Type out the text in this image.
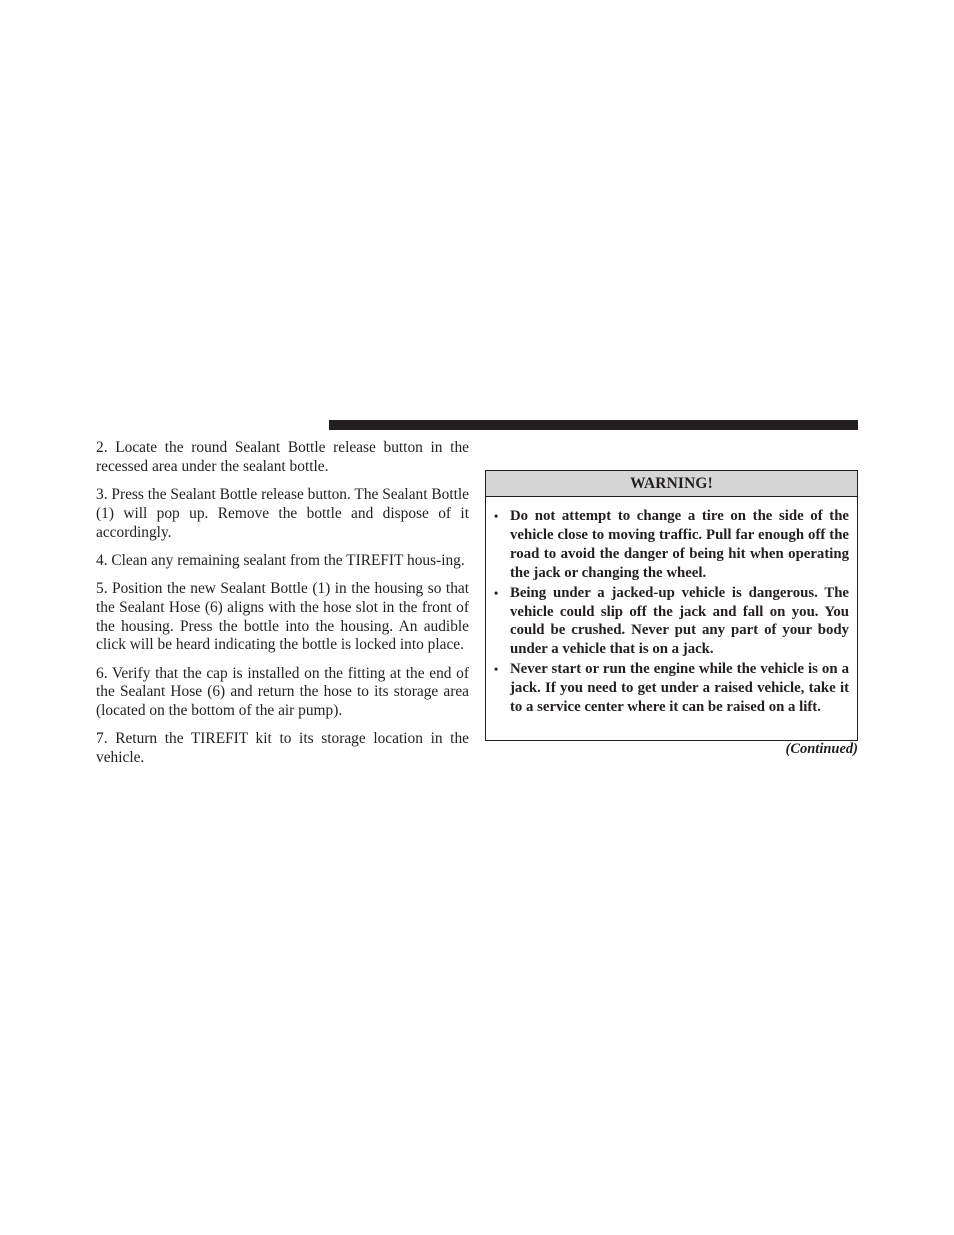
2. Locate the round Sealant Bottle release button in the recessed area under the sealant bottle.

3. Press the Sealant Bottle release button. The Sealant Bottle (1) will pop up. Remove the bottle and dispose of it accordingly.

4. Clean any remaining sealant from the TIREFIT hous-ing.

5. Position the new Sealant Bottle (1) in the housing so that the Sealant Hose (6) aligns with the hose slot in the front of the housing. Press the bottle into the housing. An audible click will be heard indicating the bottle is locked into place.

6. Verify that the cap is installed on the fitting at the end of the Sealant Hose (6) and return the hose to its storage area (located on the bottom of the air pump).

7. Return the TIREFIT kit to its storage location in the vehicle.

WARNING!
• Do not attempt to change a tire on the side of the vehicle close to moving traffic. Pull far enough off the road to avoid the danger of being hit when operating the jack or changing the wheel.
• Being under a jacked-up vehicle is dangerous. The vehicle could slip off the jack and fall on you. You could be crushed. Never put any part of your body under a vehicle that is on a jack.
• Never start or run the engine while the vehicle is on a jack. If you need to get under a raised vehicle, take it to a service center where it can be raised on a lift.
(Continued)
